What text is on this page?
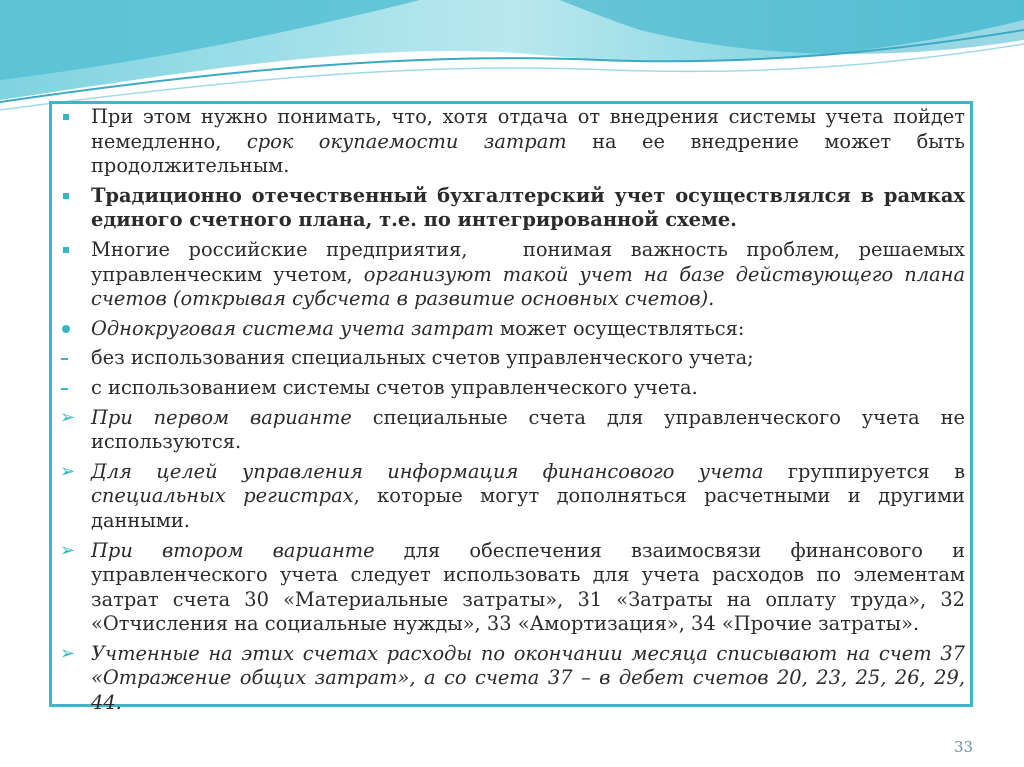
При этом нужно понимать, что, хотя отдача от внедрения системы учета пойдет немедленно, срок окупаемости затрат на ее внедрение может быть продолжительным.
Традиционно отечественный бухгалтерский учет осуществлялся в рамках единого счетного плана, т.е. по интегрированной схеме.
Многие российские предприятия,   понимая важность проблем, решаемых управленческим учетом, организуют такой учет на базе действующего плана счетов (открывая субсчета в развитие основных счетов).
Однокруговая система учета затрат может осуществляться:
без использования специальных счетов управленческого учета;
с использованием системы счетов управленческого учета.
➢ При первом варианте специальные счета для управленческого учета не используются.
➢ Для целей управления информация финансового учета группируется в специальных регистрах, которые могут дополняться расчетными и другими данными.
➢ При втором варианте для обеспечения взаимосвязи финансового и управленческого учета следует использовать для учета расходов по элементам затрат счета 30 «Материальные затраты», 31 «Затраты на оплату труда», 32 «Отчисления на социальные нужды», 33 «Амортизация», 34 «Прочие затраты».
➢ Учтенные на этих счетах расходы по окончании месяца списывают на счет 37 «Отражение общих затрат», а со счета 37 – в дебет счетов 20, 23, 25, 26, 29, 44.
33
